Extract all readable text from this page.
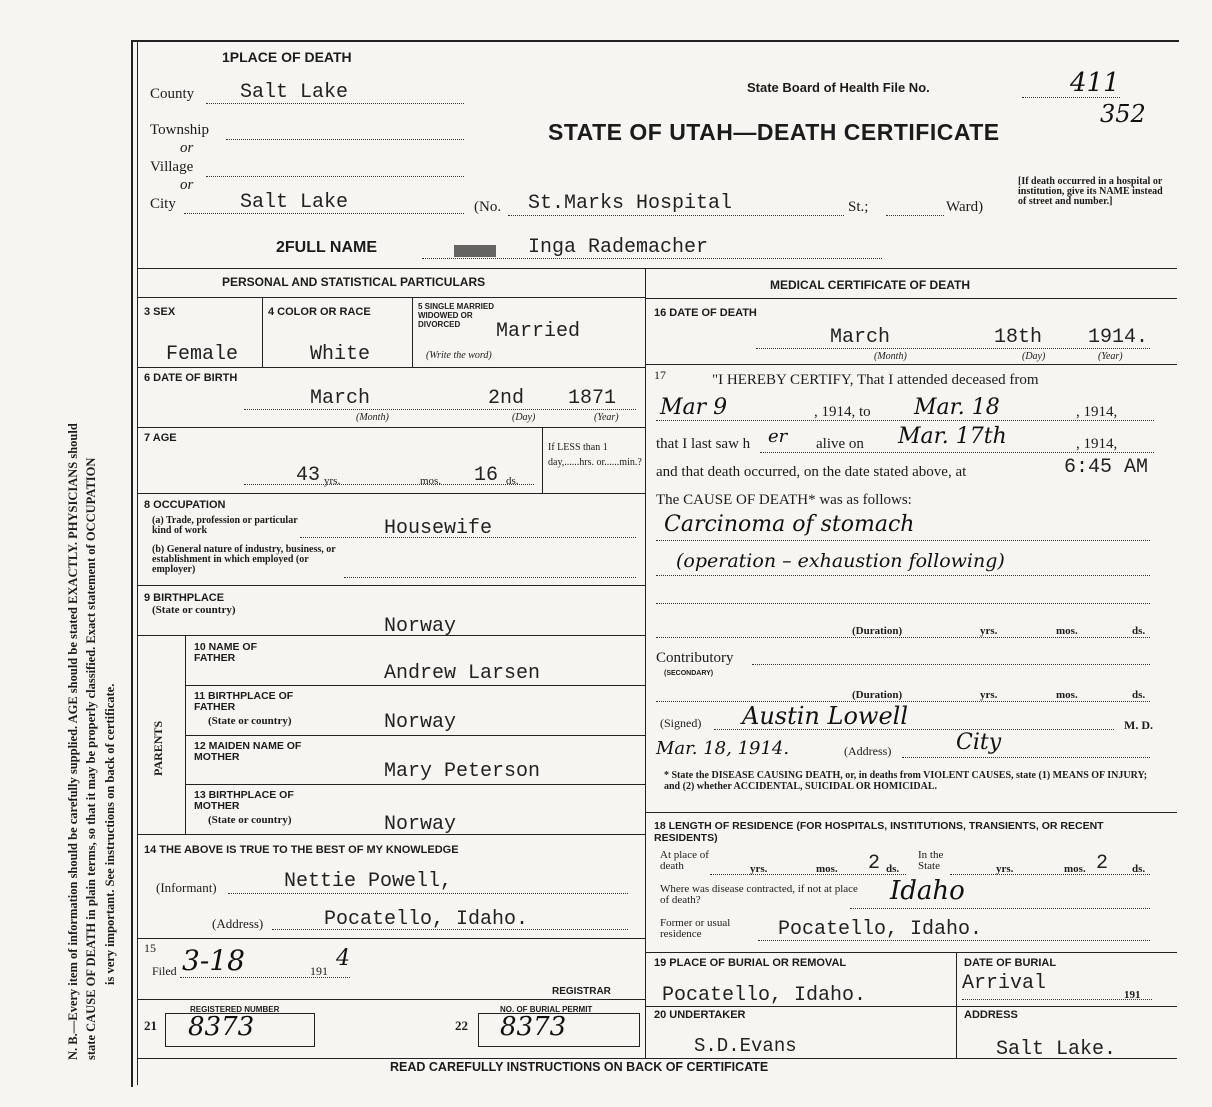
N. B.—Every item of information should be carefully supplied. AGE should be stated EXACTLY. PHYSICIANS should state CAUSE OF DEATH in plain terms, so that it may be properly classified. Exact statement of OCCUPATION is very important. See instructions on back of certificate.
1PLACE OF DEATH
County Salt Lake
Township
or
Village
or
City	Salt Lake	(No. St.Marks Hospital	St.;	Ward)
[If death occurred in a hospital or institution, give its NAME instead of street and number.]
State Board of Health File No.	411
352
STATE OF UTAH—DEATH CERTIFICATE
2FULL NAME	Inga Rademacher
PERSONAL AND STATISTICAL PARTICULARS
3 SEX
Female
4 COLOR OR RACE
White
5 SINGLE MARRIED WIDOWED OR DIVORCED
(Write the word)
Married
6 DATE OF BIRTH
March	2nd 1871
(Month)	(Day)	(Year)
7 AGE
43 yrs.	mos. 16 ds.
If LESS than 1 day,......hrs. or......min.?
8 OCCUPATION
(a) Trade, profession or particular kind of work	Housewife
(b) General nature of industry, business, or establishment in which employed (or employer)
9 BIRTHPLACE
(State or country)
Norway
PARENTS
10 NAME OF FATHER
Andrew Larsen
11 BIRTHPLACE OF FATHER
(State or country)	Norway
12 MAIDEN NAME OF MOTHER
Mary Peterson
13 BIRTHPLACE OF MOTHER
(State or country)	Norway
14 THE ABOVE IS TRUE TO THE BEST OF MY KNOWLEDGE
(Informant)	Nettie Powell,
(Address)	Pocatello, Idaho.
15
Filed 3-18	191 4
REGISTRAR
REGISTERED NUMBER
21 8373
NO. OF BURIAL PERMIT
22 8373
MEDICAL CERTIFICATE OF DEATH
16 DATE OF DEATH
March	18th 1914.
(Month)	(Day)	(Year)
17	"I HEREBY CERTIFY, That I attended deceased from
Mar 9	, 1914, to Mar. 18	, 1914,
that I last saw h er alive on Mar. 17th	, 1914,
and that death occurred, on the date stated above, at	6:45 AM
The CAUSE OF DEATH* was as follows:
Carcinoma of stomach
(operation – exhaustion following)
(Duration)	yrs.	mos.	ds.
Contributory
(SECONDARY)
(Duration)	yrs.	mos.	ds.
(Signed) Austin Lowell	M. D.
Mar. 18, 1914.	(Address)	City
* State the DISEASE CAUSING DEATH, or, in deaths from VIOLENT CAUSES, state (1) MEANS OF INJURY; and (2) whether ACCIDENTAL, SUICIDAL OR HOMICIDAL.
18 LENGTH OF RESIDENCE (FOR HOSPITALS, INSTITUTIONS, TRANSIENTS, OR RECENT RESIDENTS)
At place of death	yrs.	mos. 2 ds.
In the State	yrs.	mos. 2 ds.
Where was disease contracted, if not at place of death?	Idaho
Former or usual residence	Pocatello, Idaho.
19 PLACE OF BURIAL OR REMOVAL
Pocatello, Idaho.
DATE OF BURIAL
Arrival	191
20 UNDERTAKER
S.D.Evans
ADDRESS
Salt Lake.
READ CAREFULLY INSTRUCTIONS ON BACK OF CERTIFICATE
